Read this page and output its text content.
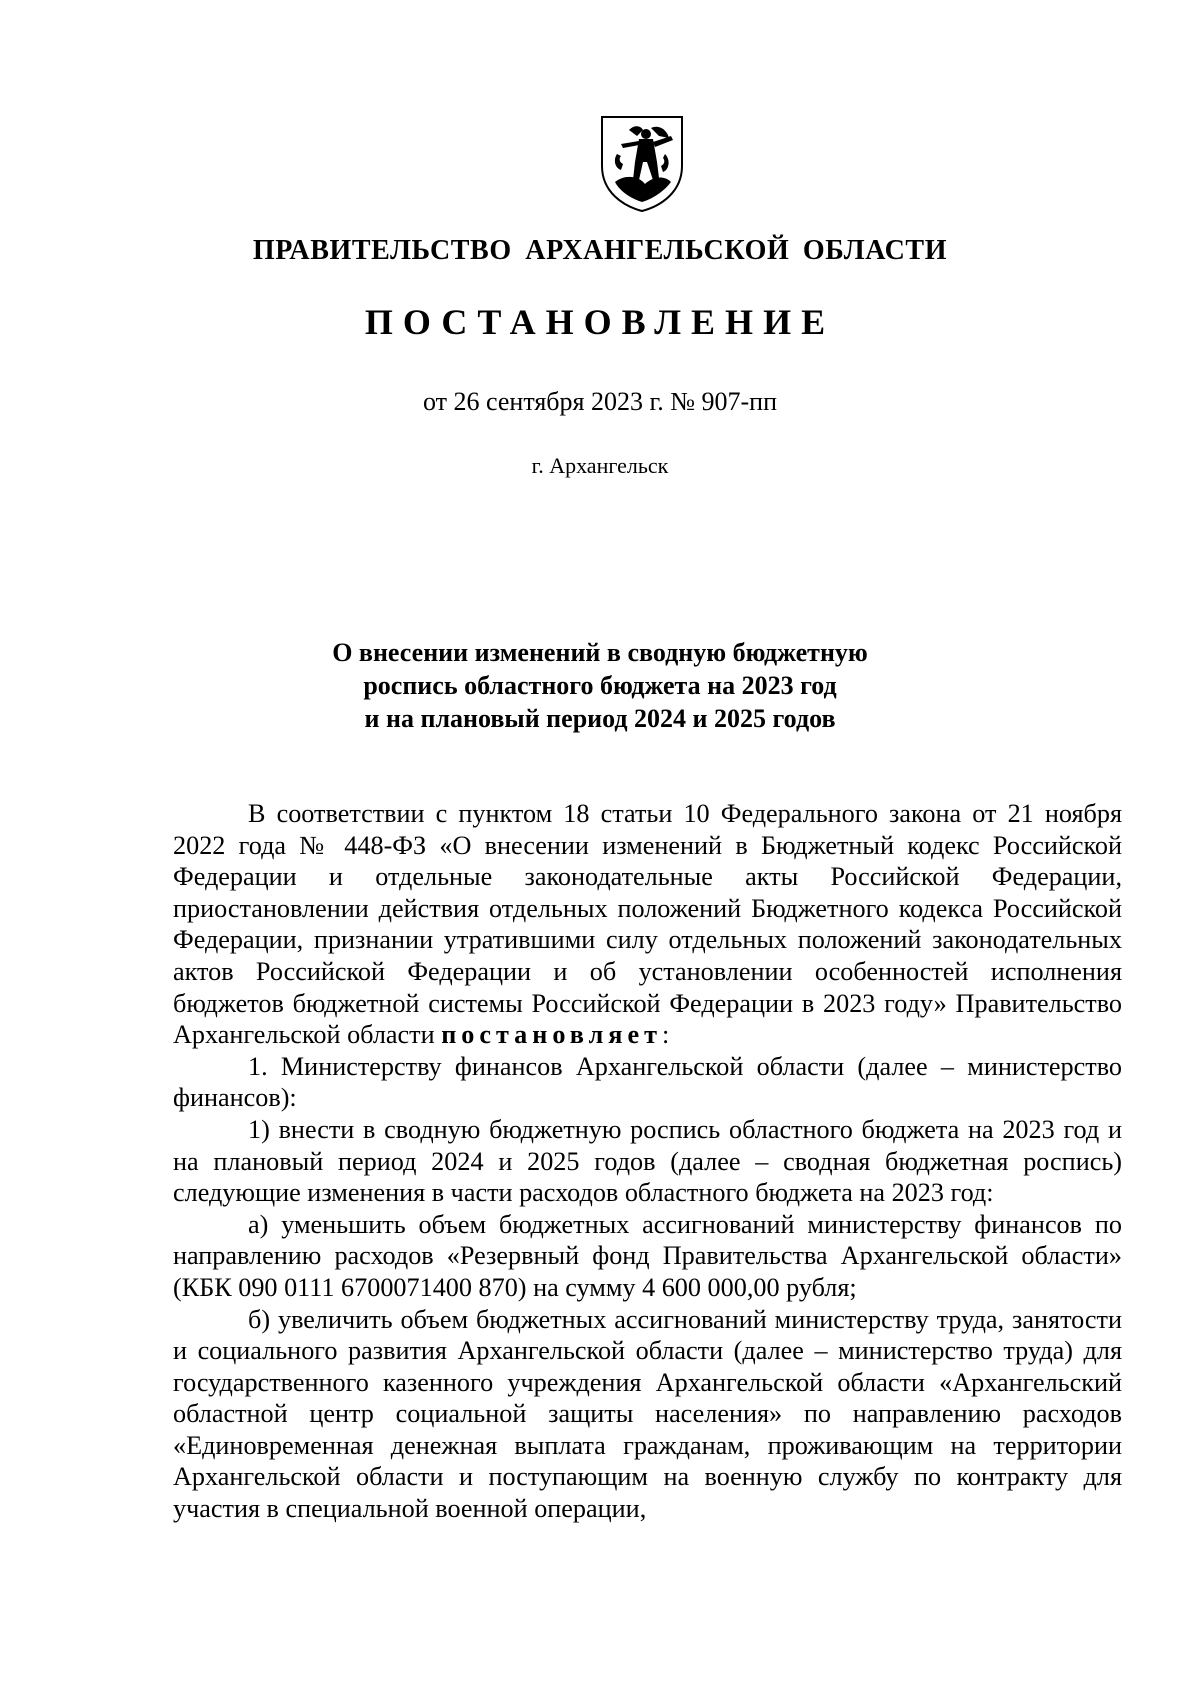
ПРАВИТЕЛЬСТВО АРХАНГЕЛЬСКОЙ ОБЛАСТИ
ПОСТАНОВЛЕНИЕ
от 26 сентября 2023 г. № 907-пп
г. Архангельск
О внесении изменений в сводную бюджетную
роспись областного бюджета на 2023 год
и на плановый период 2024 и 2025 годов

В соответствии с пунктом 18 статьи 10 Федерального закона от 21 ноября 2022 года № 448-ФЗ «О внесении изменений в Бюджетный кодекс Российской Федерации и отдельные законодательные акты Российской Федерации, приостановлении действия отдельных положений Бюджетного кодекса Российской Федерации, признании утратившими силу отдельных положений законодательных актов Российской Федерации и об установлении особенностей исполнения бюджетов бюджетной системы Российской Федерации в 2023 году» Правительство Архангельской области постановляет:

1. Министерству финансов Архангельской области (далее – министерство финансов):

1) внести в сводную бюджетную роспись областного бюджета на 2023 год и на плановый период 2024 и 2025 годов (далее – сводная бюджетная роспись) следующие изменения в части расходов областного бюджета на 2023 год:

а) уменьшить объем бюджетных ассигнований министерству финансов по направлению расходов «Резервный фонд Правительства Архангельской области» (КБК 090 0111 6700071400 870) на сумму 4 600 000,00 рубля;

б) увеличить объем бюджетных ассигнований министерству труда, занятости и социального развития Архангельской области (далее – министерство труда) для государственного казенного учреждения Архангельской области «Архангельский областной центр социальной защиты населения» по направлению расходов «Единовременная денежная выплата гражданам, проживающим на территории Архангельской области и поступающим на военную службу по контракту для участия в специальной военной операции,
